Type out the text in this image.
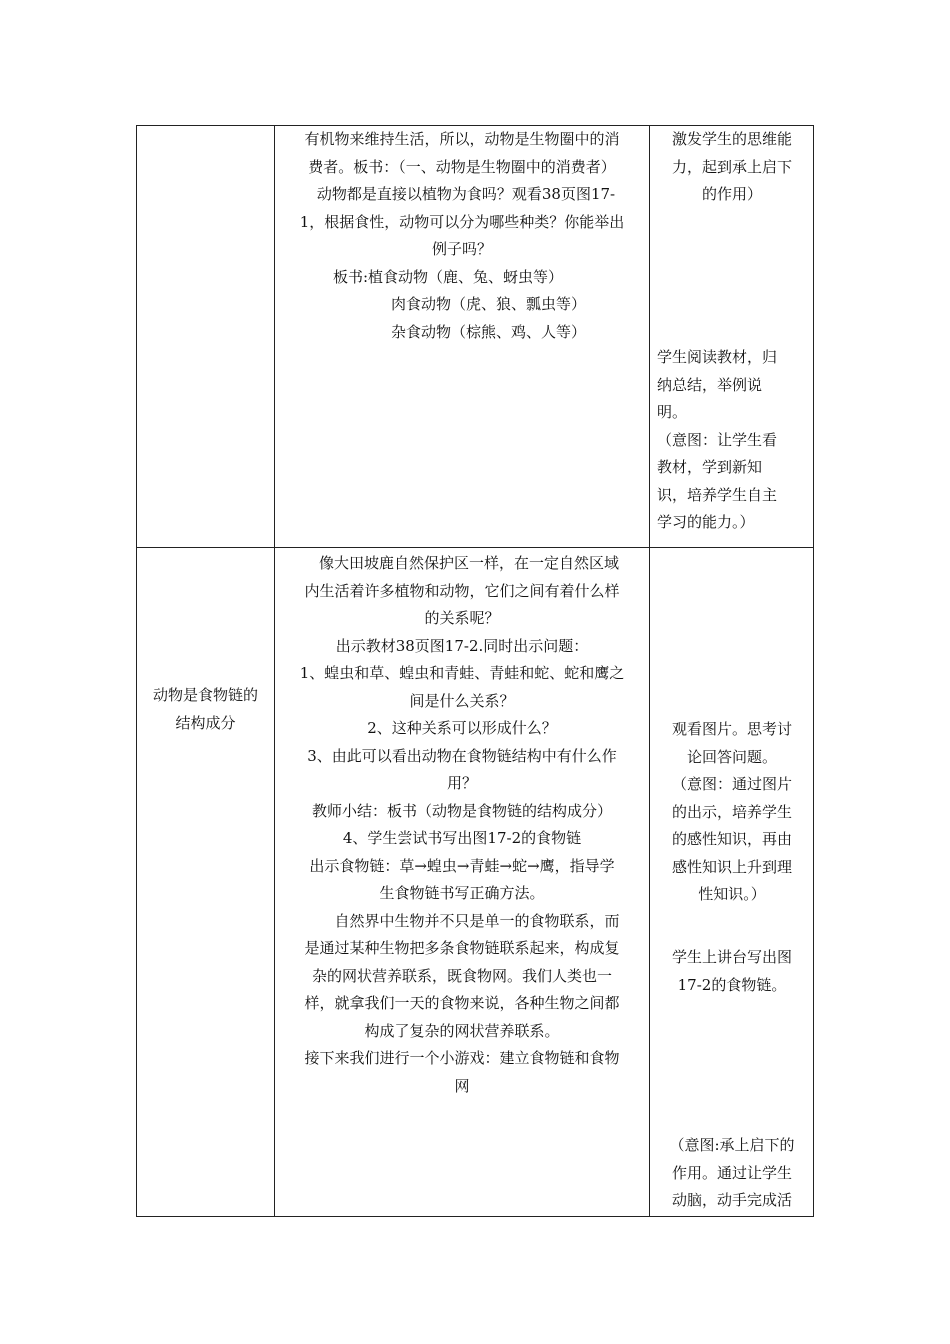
有机物来维持生活，所以，动物是生物圈中的消
费者。板书：（一、动物是生物圈中的消费者）
动物都是直接以植物为食吗？观看38页图17-
1，根据食性，动物可以分为哪些种类？你能举出
例子吗？
板书:植食动物（鹿、兔、蚜虫等）
肉食动物（虎、狼、瓢虫等）
杂食动物（棕熊、鸡、人等）
激发学生的思维能
力，起到承上启下
的作用）
学生阅读教材，归
纳总结，举例说
明。
（意图：让学生看
教材，学到新知
识，培养学生自主
学习的能力。）
动物是食物链的
结构成分
像大田坡鹿自然保护区一样，在一定自然区域
内生活着许多植物和动物，它们之间有着什么样
的关系呢？
出示教材38页图17-2.同时出示问题：
1、蝗虫和草、蝗虫和青蛙、青蛙和蛇、蛇和鹰之
间是什么关系？
2、这种关系可以形成什么？
3、由此可以看出动物在食物链结构中有什么作
用？
教师小结：板书（动物是食物链的结构成分）
4、学生尝试书写出图17-2的食物链
出示食物链：草→蝗虫→青蛙→蛇→鹰，指导学
生食物链书写正确方法。
自然界中生物并不只是单一的食物联系，而
是通过某种生物把多条食物链联系起来，构成复
杂的网状营养联系，既食物网。我们人类也一
样，就拿我们一天的食物来说，各种生物之间都
构成了复杂的网状营养联系。
接下来我们进行一个小游戏：建立食物链和食物
网
观看图片。思考讨
论回答问题。
（意图：通过图片
的出示，培养学生
的感性知识，再由
感性知识上升到理
性知识。）
学生上讲台写出图
17-2的食物链。
（意图:承上启下的
作用。通过让学生
动脑，动手完成活
